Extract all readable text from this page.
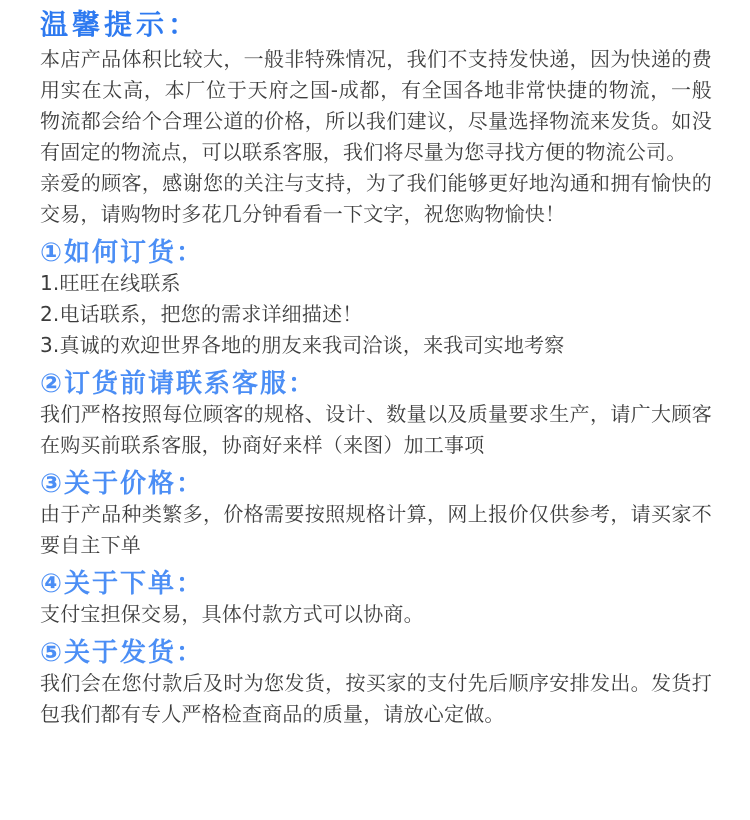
温馨提示：

本店产品体积比较大，一般非特殊情况，我们不支持发快递，因为快递的费用实在太高，本厂位于天府之国-成都，有全国各地非常快捷的物流，一般物流都会给个合理公道的价格，所以我们建议，尽量选择物流来发货。如没有固定的物流点，可以联系客服，我们将尽量为您寻找方便的物流公司。

亲爱的顾客，感谢您的关注与支持，为了我们能够更好地沟通和拥有愉快的交易，请购物时多花几分钟看看一下文字，祝您购物愉快！

①如何订货：

1.旺旺在线联系

2.电话联系，把您的需求详细描述！

3.真诚的欢迎世界各地的朋友来我司洽谈，来我司实地考察

②订货前请联系客服：

我们严格按照每位顾客的规格、设计、数量以及质量要求生产，请广大顾客在购买前联系客服，协商好来样（来图）加工事项

③关于价格：

由于产品种类繁多，价格需要按照规格计算，网上报价仅供参考，请买家不要自主下单

④关于下单：

支付宝担保交易，具体付款方式可以协商。

⑤关于发货：

我们会在您付款后及时为您发货，按买家的支付先后顺序安排发出。发货打包我们都有专人严格检查商品的质量，请放心定做。
